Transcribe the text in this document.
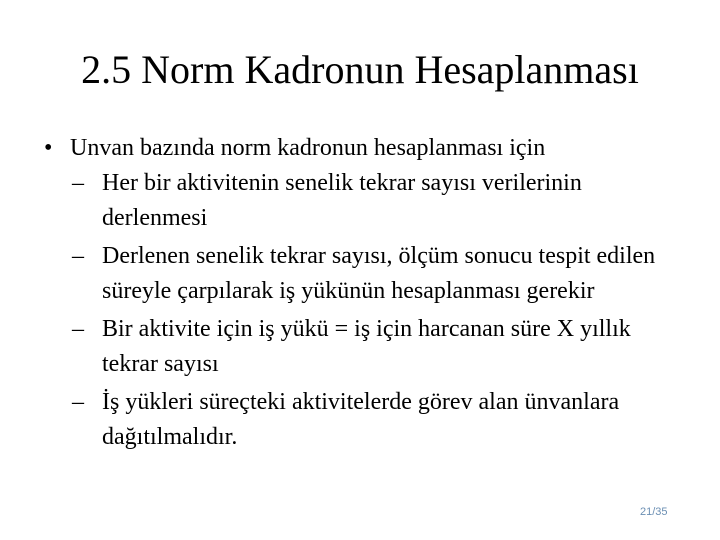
2.5 Norm Kadronun Hesaplanması
• Unvan bazında norm kadronun hesaplanması için
– Her bir aktivitenin senelik tekrar sayısı verilerinin derlenmesi
– Derlenen senelik tekrar sayısı, ölçüm sonucu tespit edilen süreyle çarpılarak iş yükünün hesaplanması gerekir
– Bir aktivite için iş yükü = iş için harcanan süre X yıllık tekrar sayısı
– İş yükleri süreçteki aktivitelerde görev alan ünvanlara dağıtılmalıdır.
21/35
